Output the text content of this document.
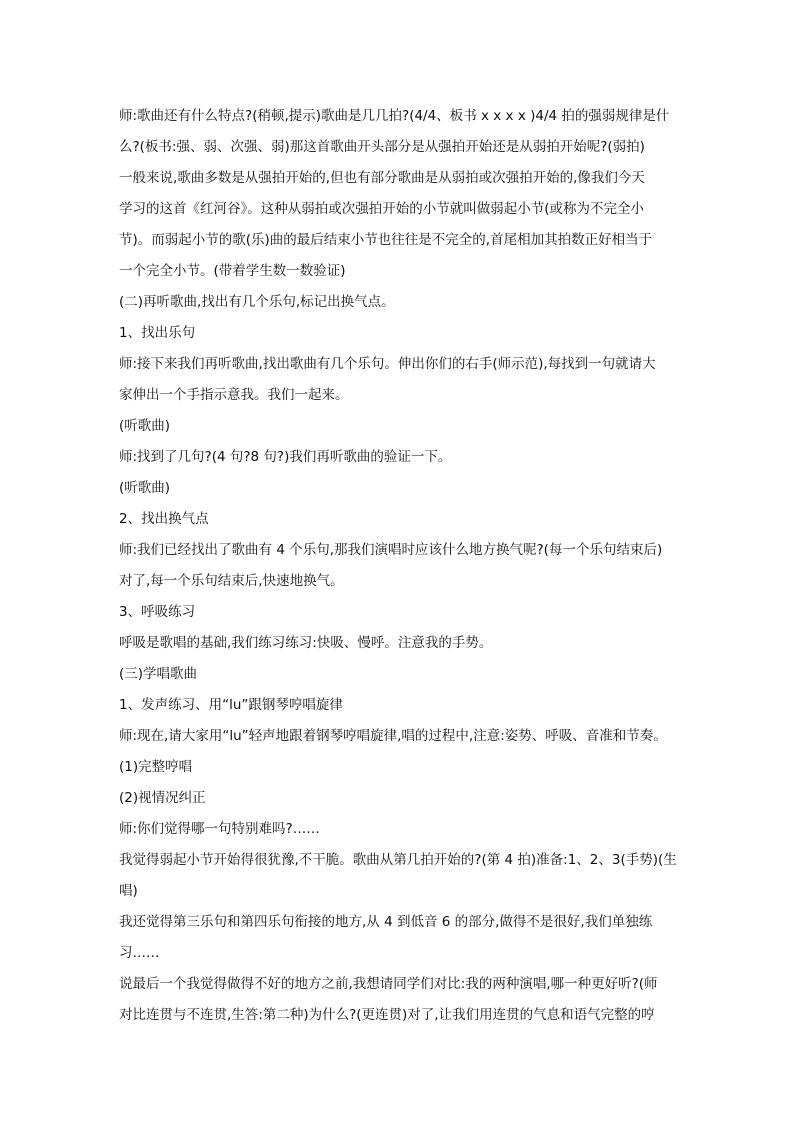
师:歌曲还有什么特点?(稍顿,提示)歌曲是几几拍?(4/4、板书 x x x x )4/4 拍的强弱规律是什
么?(板书:强、弱、次强、弱)那这首歌曲开头部分是从强拍开始还是从弱拍开始呢?(弱拍)
一般来说,歌曲多数是从强拍开始的,但也有部分歌曲是从弱拍或次强拍开始的,像我们今天
学习的这首《红河谷》。这种从弱拍或次强拍开始的小节就叫做弱起小节(或称为不完全小
节)。而弱起小节的歌(乐)曲的最后结束小节也往往是不完全的,首尾相加其拍数正好相当于
一个完全小节。(带着学生数一数验证)
(二)再听歌曲,找出有几个乐句,标记出换气点。
1、找出乐句
师:接下来我们再听歌曲,找出歌曲有几个乐句。伸出你们的右手(师示范),每找到一句就请大
家伸出一个手指示意我。我们一起来。
(听歌曲)
师:找到了几句?(4 句?8 句?)我们再听歌曲的验证一下。
(听歌曲)
2、找出换气点
师:我们已经找出了歌曲有 4 个乐句,那我们演唱时应该什么地方换气呢?(每一个乐句结束后)
对了,每一个乐句结束后,快速地换气。
3、呼吸练习
呼吸是歌唱的基础,我们练习练习:快吸、慢呼。注意我的手势。
(三)学唱歌曲
1、发声练习、用“lu”跟钢琴哼唱旋律
师:现在,请大家用“lu”轻声地跟着钢琴哼唱旋律,唱的过程中,注意:姿势、呼吸、音准和节奏。
(1)完整哼唱
(2)视情况纠正
师:你们觉得哪一句特别难吗?……
我觉得弱起小节开始得很犹豫,不干脆。歌曲从第几拍开始的?(第 4 拍)准备:1、2、3(手势)(生
唱)
我还觉得第三乐句和第四乐句衔接的地方,从 4 到低音 6 的部分,做得不是很好,我们单独练
习……
说最后一个我觉得做得不好的地方之前,我想请同学们对比:我的两种演唱,哪一种更好听?(师
对比连贯与不连贯,生答:第二种)为什么?(更连贯)对了,让我们用连贯的气息和语气完整的哼
